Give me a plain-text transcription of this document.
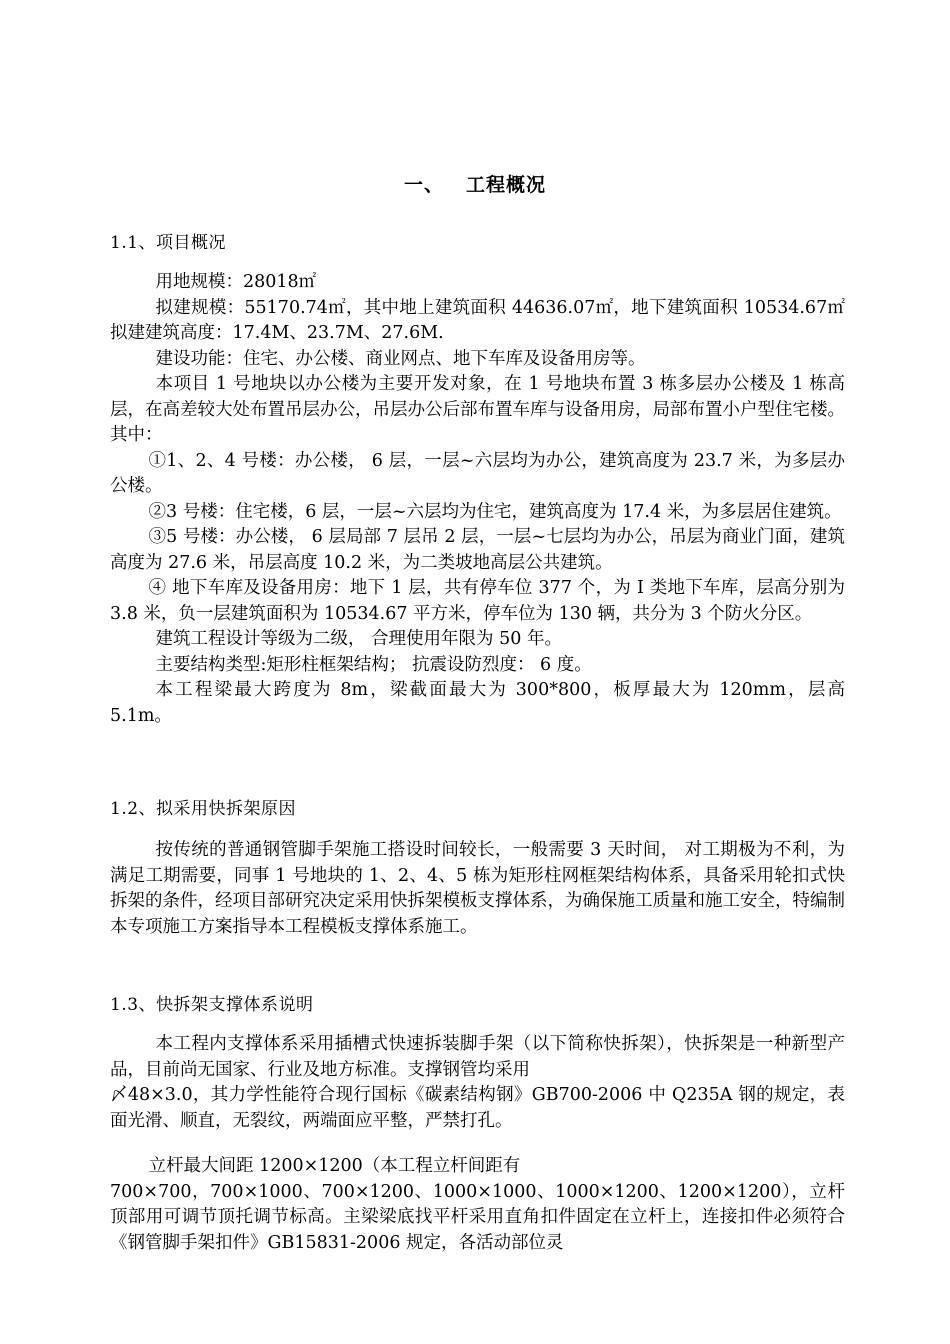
一、 工程概况
1.1、项目概况

用地规模：28018㎡

拟建规模：55170.74㎡，其中地上建筑面积 44636.07㎡，地下建筑面积 10534.67㎡拟建建筑高度：17.4M、23.7M、27.6M.

建设功能：住宅、办公楼、商业网点、地下车库及设备用房等。

本项目 1 号地块以办公楼为主要开发对象，在 1 号地块布置 3 栋多层办公楼及 1 栋高层，在高差较大处布置吊层办公，吊层办公后部布置车库与设备用房，局部布置小户型住宅楼。其中：

①1、2、4 号楼：办公楼， 6 层，一层~六层均为办公，建筑高度为 23.7 米，为多层办公楼。

②3 号楼：住宅楼，6 层，一层~六层均为住宅，建筑高度为 17.4 米，为多层居住建筑。

③5 号楼：办公楼， 6 层局部 7 层吊 2 层，一层~七层均为办公，吊层为商业门面，建筑高度为 27.6 米，吊层高度 10.2 米，为二类坡地高层公共建筑。

④ 地下车库及设备用房：地下 1 层，共有停车位 377 个，为 I 类地下车库，层高分别为 3.8 米，负一层建筑面积为 10534.67 平方米，停车位为 130 辆，共分为 3 个防火分区。

建筑工程设计等级为二级， 合理使用年限为 50 年。

主要结构类型:矩形柱框架结构； 抗震设防烈度： 6 度。

本工程梁最大跨度为 8m，梁截面最大为 300*800，板厚最大为 120mm，层高 5.1m。

1.2、拟采用快拆架原因

按传统的普通钢管脚手架施工搭设时间较长，一般需要 3 天时间， 对工期极为不利，为满足工期需要，同事 1 号地块的 1、2、4、5 栋为矩形柱网框架结构体系，具备采用轮扣式快拆架的条件，经项目部研究决定采用快拆架模板支撑体系，为确保施工质量和施工安全，特编制本专项施工方案指导本工程模板支撑体系施工。

1.3、快拆架支撑体系说明

本工程内支撑体系采用插槽式快速拆装脚手架（以下简称快拆架），快拆架是一种新型产品，目前尚无国家、行业及地方标准。支撑钢管均采用

〆48×3.0，其力学性能符合现行国标《碳素结构钢》GB700-2006 中 Q235A 钢的规定，表面光滑、顺直，无裂纹，两端面应平整，严禁打孔。

立杆最大间距 1200×1200（本工程立杆间距有

700×700，700×1000、700×1200、1000×1000、1000×1200、1200×1200），立杆顶部用可调节顶托调节标高。主梁梁底找平杆采用直角扣件固定在立杆上，连接扣件必须符合《钢管脚手架扣件》GB15831-2006 规定，各活动部位灵
